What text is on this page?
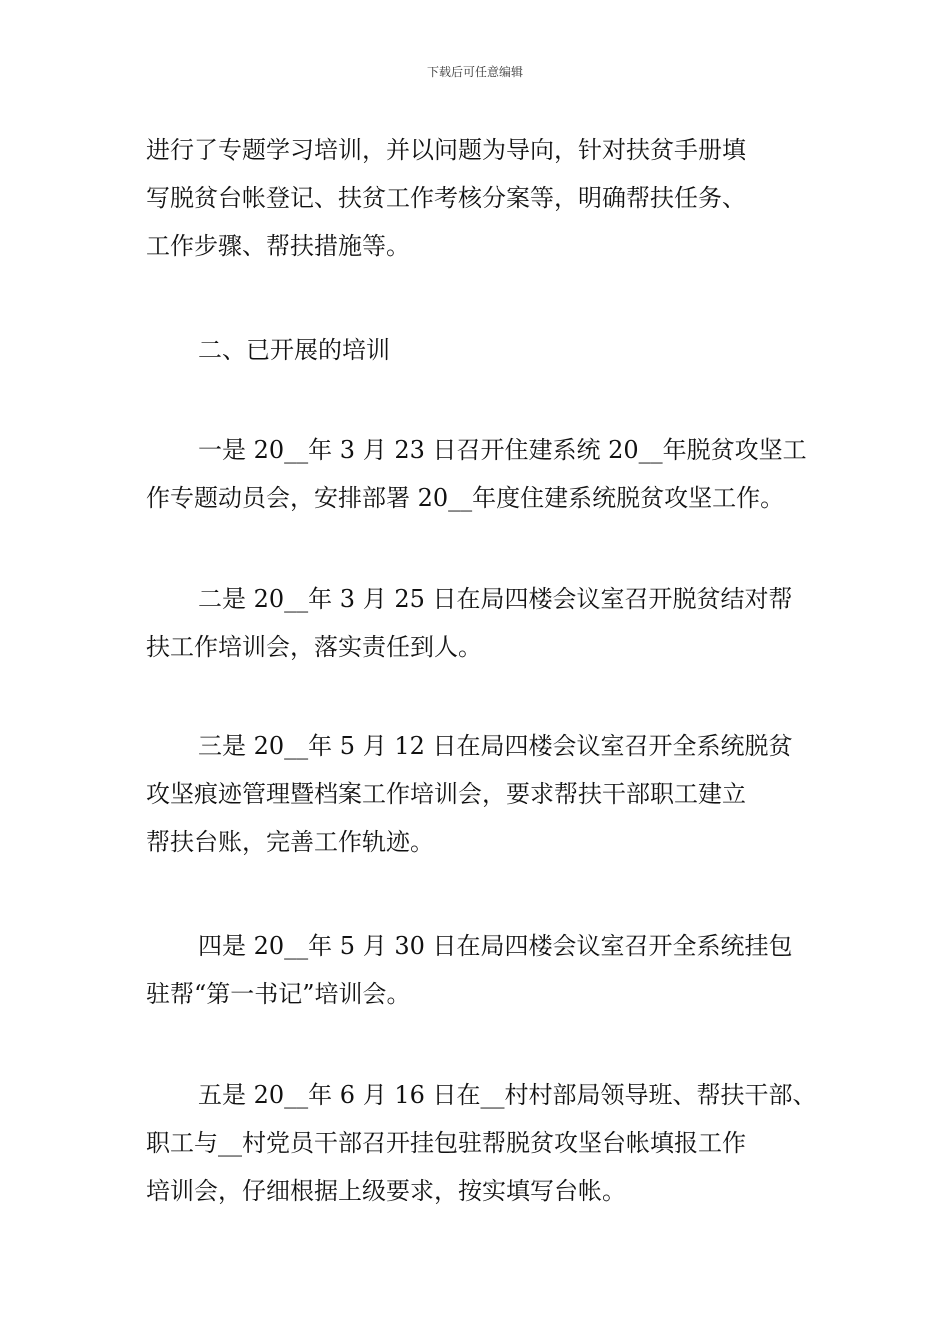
下载后可任意编辑

进行了专题学习培训，并以问题为导向，针对扶贫手册填
写脱贫台帐登记、扶贫工作考核分案等，明确帮扶任务、
工作步骤、帮扶措施等。

二、已开展的培训

一是 20__年 3 月 23 日召开住建系统 20__年脱贫攻坚工
作专题动员会，安排部署 20__年度住建系统脱贫攻坚工作。

二是 20__年 3 月 25 日在局四楼会议室召开脱贫结对帮
扶工作培训会，落实责任到人。

三是 20__年 5 月 12 日在局四楼会议室召开全系统脱贫
攻坚痕迹管理暨档案工作培训会，要求帮扶干部职工建立
帮扶台账，完善工作轨迹。

四是 20__年 5 月 30 日在局四楼会议室召开全系统挂包
驻帮“第一书记”培训会。

五是 20__年 6 月 16 日在__村村部局领导班、帮扶干部、
职工与__村党员干部召开挂包驻帮脱贫攻坚台帐填报工作
培训会，仔细根据上级要求，按实填写台帐。
